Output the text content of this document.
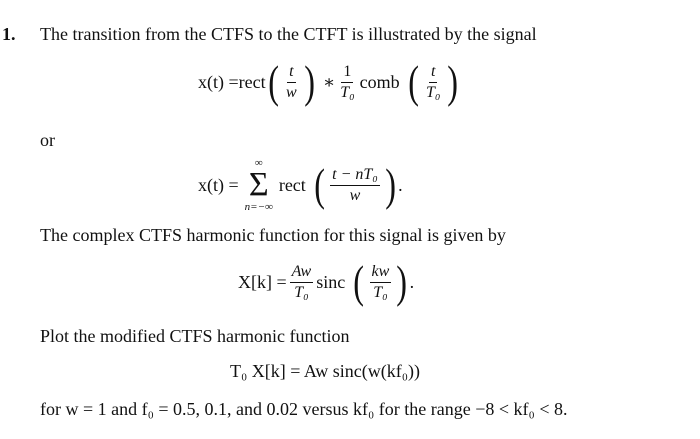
1. The transition from the CTFS to the CTFT is illustrated by the signal
x(t) = rect ( $\frac{t}{w}$ ) ∗ $\frac{1}{\text{T₀}}$ comb ( $\frac{t}{\text{T₀}}$ )
or
x(t) =
∞
Σ
n=−∞
rect ( $\frac{\text{t − nT₀}}{w}$ ) .
The complex CTFS harmonic function for this signal is given by
$X[k] = \frac{Aw}{\text{T₀}}$ sinc ( $\frac{kw}{\text{T₀}}$ ) .
Plot the modified CTFS harmonic function
T₀ X[k] = Aw sinc(w(kf₀))
for w = 1 and f₀ = 0.5, 0.1, and 0.02 versus kf₀ for the range −8 < kf₀ < 8.
